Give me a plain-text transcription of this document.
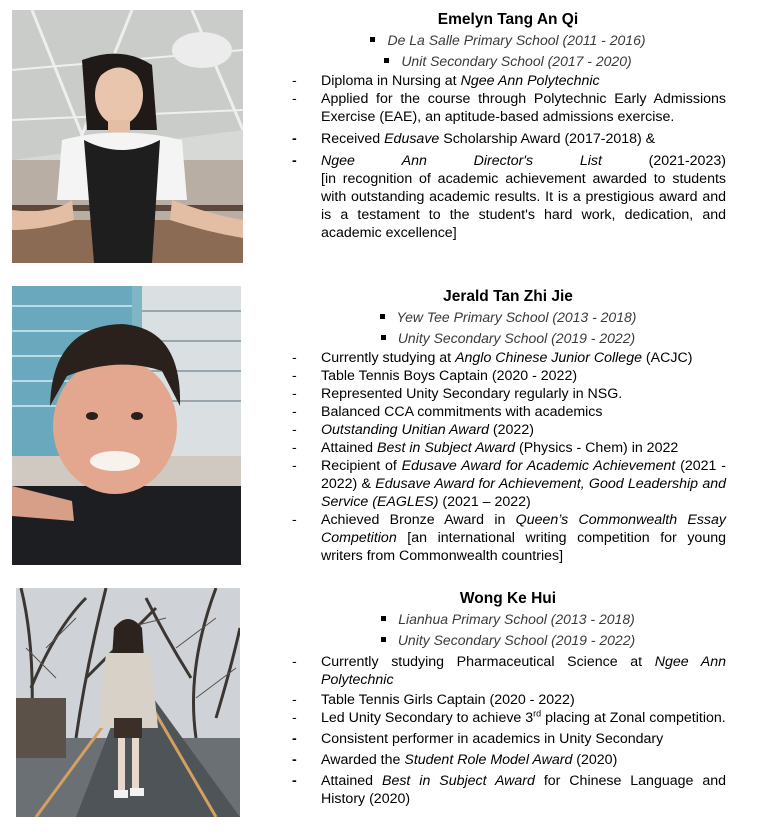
Emelyn Tang An Qi
De La Salle Primary School (2011 - 2016)
Unit Secondary School (2017 - 2020)
- Diploma in Nursing at Ngee Ann Polytechnic
- Applied for the course through Polytechnic Early Admissions Exercise (EAE), an aptitude-based admissions exercise.
- Received Edusave Scholarship Award (2017-2018) &
- Ngee	Ann	Director's	List	(2021-2023)
[in recognition of academic achievement awarded to students with outstanding academic results. It is a prestigious award and is a testament to the student's hard work, dedication, and academic excellence]
Jerald Tan Zhi Jie
Yew Tee Primary School (2013 - 2018)
Unity Secondary School (2019 - 2022)
- Currently studying at Anglo Chinese Junior College (ACJC)
- Table Tennis Boys Captain (2020 - 2022)
- Represented Unity Secondary regularly in NSG.
- Balanced CCA commitments with academics
- Outstanding Unitian Award (2022)
- Attained Best in Subject Award (Physics - Chem) in 2022
- Recipient of Edusave Award for Academic Achievement (2021 - 2022) & Edusave Award for Achievement, Good Leadership and Service (EAGLES) (2021 – 2022)
- Achieved Bronze Award in Queen’s Commonwealth Essay Competition [an international writing competition for young writers from Commonwealth countries]
Wong Ke Hui
Lianhua Primary School (2013 - 2018)
Unity Secondary School (2019 - 2022)
- Currently studying Pharmaceutical Science at Ngee Ann Polytechnic
- Table Tennis Girls Captain (2020 - 2022)
- Led Unity Secondary to achieve 3rd placing at Zonal competition.
- Consistent performer in academics in Unity Secondary
- Awarded the Student Role Model Award (2020)
- Attained Best in Subject Award for Chinese Language and History (2020)
